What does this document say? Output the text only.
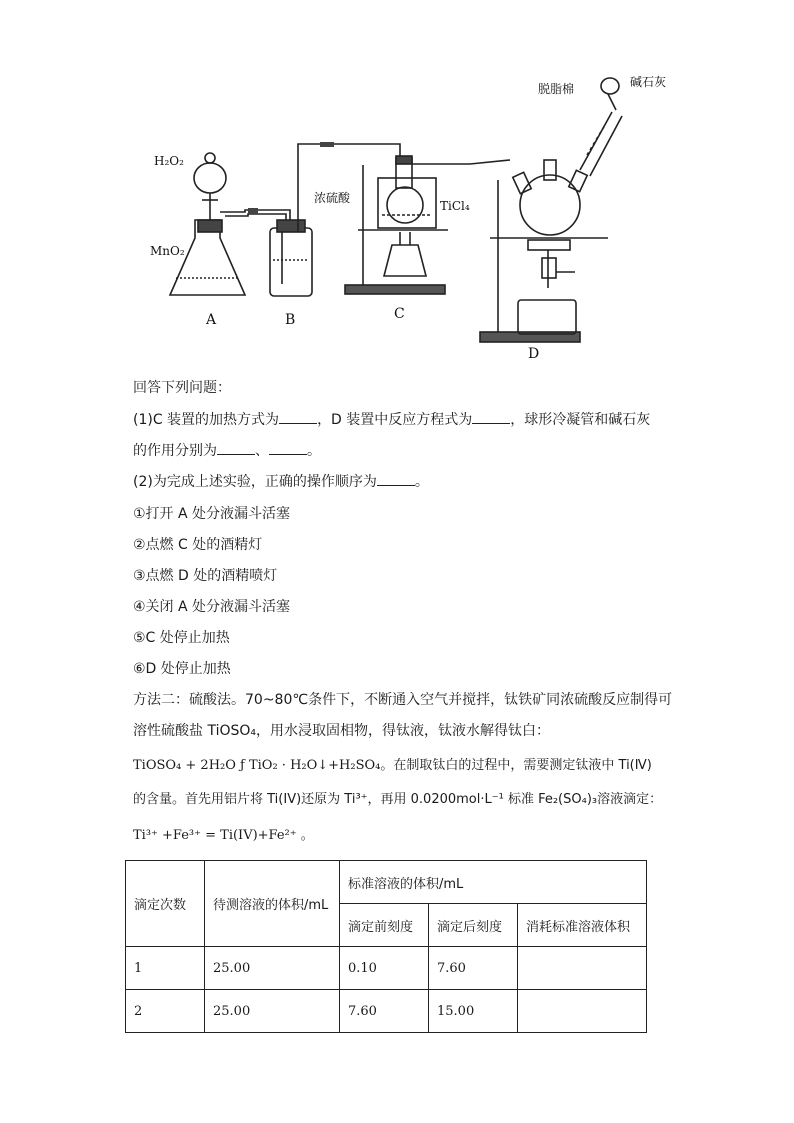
H₂O₂
MnO₂
浓硫酸
TiCl₄
脱脂棉	碱石灰
A	B	C
D
回答下列问题：
(1)C 装置的加热方式为	，D 装置中反应方程式为	，球形冷凝管和碱石灰
的作用分别为	、	。
(2)为完成上述实验，正确的操作顺序为	。
①打开 A 处分液漏斗活塞
②点燃 C 处的酒精灯
③点燃 D 处的酒精喷灯
④关闭 A 处分液漏斗活塞
⑤C 处停止加热
⑥D 处停止加热
方法二：硫酸法。70~80℃条件下，不断通入空气并搅拌，钛铁矿同浓硫酸反应制得可
溶性硫酸盐 TiOSO₄，用水浸取固相物，得钛液，钛液水解得钛白：
TiOSO₄ + 2H₂O ƒ TiO₂ · H₂O↓+H₂SO₄。在制取钛白的过程中，需要测定钛液中 Ti(Ⅳ)
的含量。首先用铝片将 Ti(IV)还原为 Ti³⁺，再用 0.0200mol·L⁻¹ 标准 Fe₂(SO₄)₃溶液滴定：
Ti³⁺ +Fe³⁺ = Ti(IV)+Fe²⁺ 。
滴定次数	待测溶液的体积/mL	标准溶液的体积/mL		
		滴定前刻度	滴定后刻度	消耗标准溶液体积
1	25.00	0.10	7.60	
2	25.00	7.60	15.00	
